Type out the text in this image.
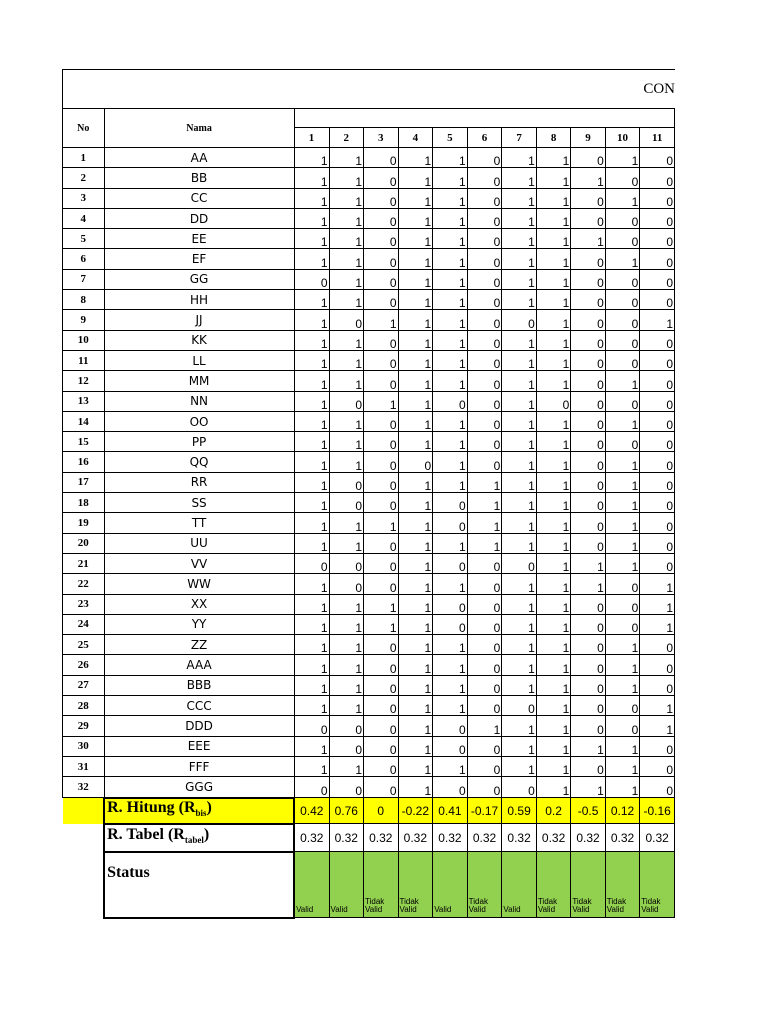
CON
No	Nama											
		1	2	3	4	5	6	7	8	9	10	11
1	AA	1	1	0	1	1	0	1	1	0	1	0
2	BB	1	1	0	1	1	0	1	1	1	0	0
3	CC	1	1	0	1	1	0	1	1	0	1	0
4	DD	1	1	0	1	1	0	1	1	0	0	0
5	EE	1	1	0	1	1	0	1	1	1	0	0
6	EF	1	1	0	1	1	0	1	1	0	1	0
7	GG	0	1	0	1	1	0	1	1	0	0	0
8	HH	1	1	0	1	1	0	1	1	0	0	0
9	JJ	1	0	1	1	1	0	0	1	0	0	1
10	KK	1	1	0	1	1	0	1	1	0	0	0
11	LL	1	1	0	1	1	0	1	1	0	0	0
12	MM	1	1	0	1	1	0	1	1	0	1	0
13	NN	1	0	1	1	0	0	1	0	0	0	0
14	OO	1	1	0	1	1	0	1	1	0	1	0
15	PP	1	1	0	1	1	0	1	1	0	0	0
16	QQ	1	1	0	0	1	0	1	1	0	1	0
17	RR	1	0	0	1	1	1	1	1	0	1	0
18	SS	1	0	0	1	0	1	1	1	0	1	0
19	TT	1	1	1	1	0	1	1	1	0	1	0
20	UU	1	1	0	1	1	1	1	1	0	1	0
21	VV	0	0	0	1	0	0	0	1	1	1	0
22	WW	1	0	0	1	1	0	1	1	1	0	1
23	XX	1	1	1	1	0	0	1	1	0	0	1
24	YY	1	1	1	1	0	0	1	1	0	0	1
25	ZZ	1	1	0	1	1	0	1	1	0	1	0
26	AAA	1	1	0	1	1	0	1	1	0	1	0
27	BBB	1	1	0	1	1	0	1	1	0	1	0
28	CCC	1	1	0	1	1	0	0	1	0	0	1
29	DDD	0	0	0	1	0	1	1	1	0	0	1
30	EEE	1	0	0	1	0	0	1	1	1	1	0
31	FFF	1	1	0	1	1	0	1	1	0	1	0
32	GGG	0	0	0	1	0	0	0	1	1	1	0
	R. Hitung $(R_{bis})$	0.42	0.76	0	-0.22	0.41	-0.17	0.59	0.2	-0.5	0.12	-0.16
	R. Tabel $(R_{tabel})$	0.32	0.32	0.32	0.32	0.32	0.32	0.32	0.32	0.32	0.32	0.32
	Status	Valid	Valid	Tidak Valid	Tidak Valid	Valid	Tidak Valid	Valid	Tidak Valid	Tidak Valid	Tidak Valid	Tidak Valid
